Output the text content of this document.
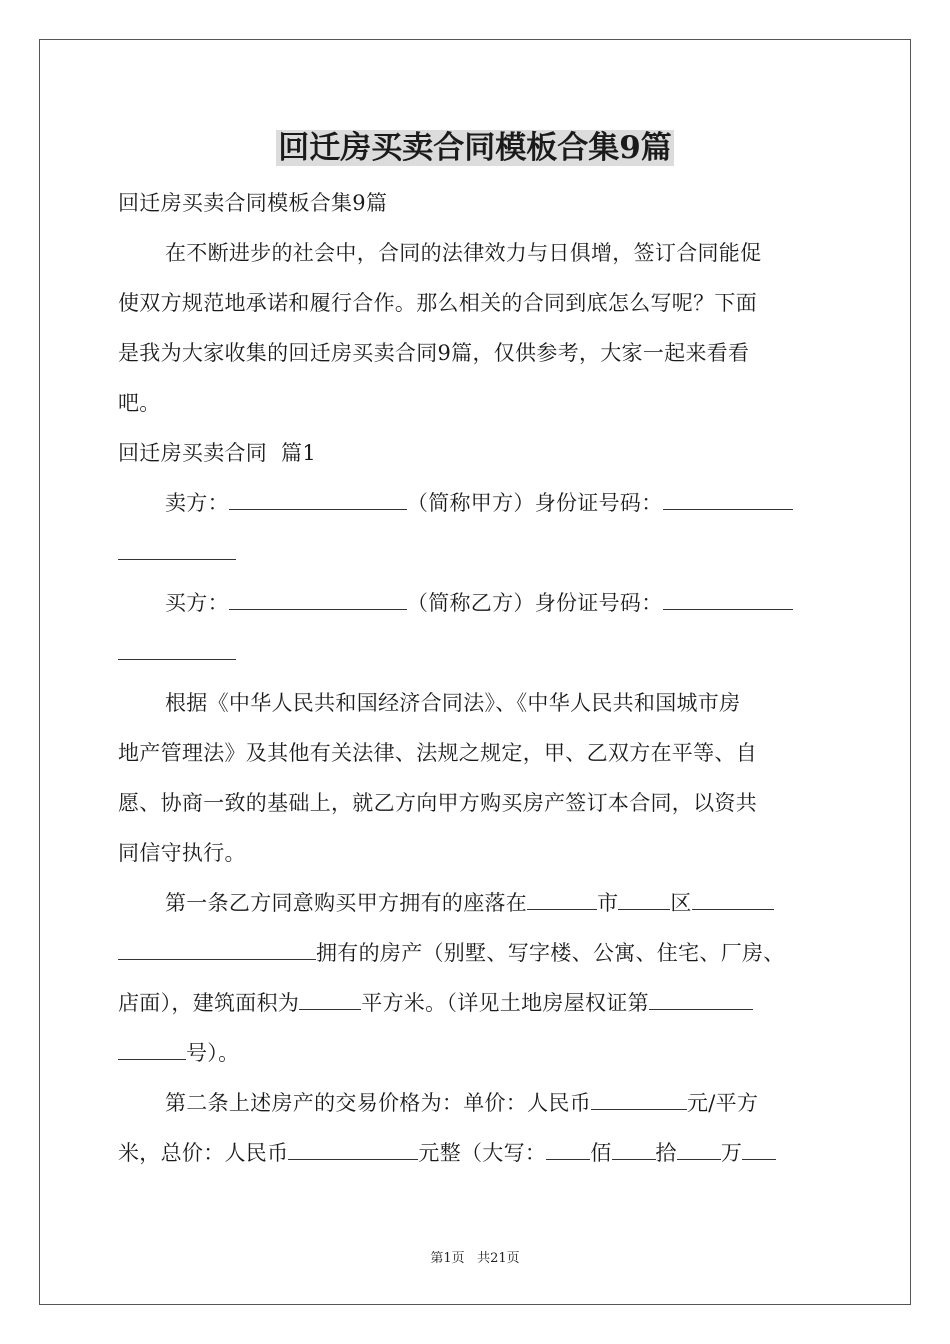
回迁房买卖合同模板合集9篇

回迁房买卖合同模板合集9篇

在不断进步的社会中，合同的法律效力与日俱增，签订合同能促

使双方规范地承诺和履行合作。那么相关的合同到底怎么写呢？下面

是我为大家收集的回迁房买卖合同9篇，仅供参考，大家一起来看看

吧。

回迁房买卖合同  篇1

卖方：	（简称甲方）身份证号码：

买方：	（简称乙方）身份证号码：

根据《中华人民共和国经济合同法》、《中华人民共和国城市房

地产管理法》及其他有关法律、法规之规定，甲、乙双方在平等、自

愿、协商一致的基础上，就乙方向甲方购买房产签订本合同，以资共

同信守执行。

第一条乙方同意购买甲方拥有的座落在	市 区

拥有的房产（别墅、写字楼、公寓、住宅、厂房、

店面），建筑面积为	平方米。（详见土地房屋权证第

号）。

第二条上述房产的交易价格为：单价：人民币	元/平方

米，总价：人民币	元整（大写： 佰 拾 万

第1页 共21页
